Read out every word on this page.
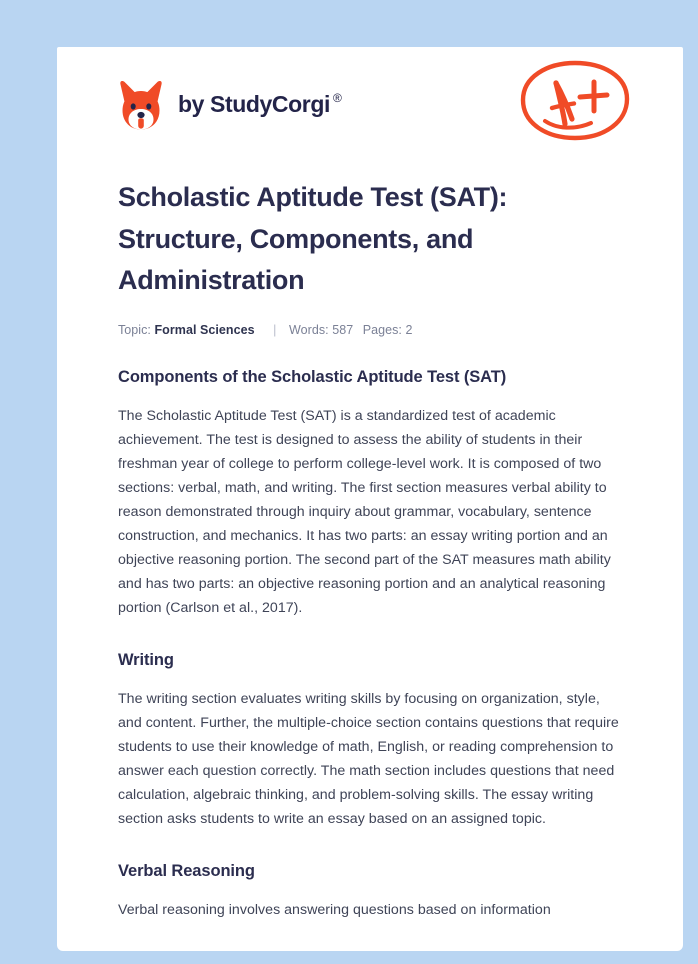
by StudyCorgi ®
Scholastic Aptitude Test (SAT): Structure, Components, and Administration
Topic: Formal Sciences | Words: 587 Pages: 2
Components of the Scholastic Aptitude Test (SAT)

The Scholastic Aptitude Test (SAT) is a standardized test of academic achievement. The test is designed to assess the ability of students in their freshman year of college to perform college-level work. It is composed of two sections: verbal, math, and writing. The first section measures verbal ability to reason demonstrated through inquiry about grammar, vocabulary, sentence construction, and mechanics. It has two parts: an essay writing portion and an objective reasoning portion. The second part of the SAT measures math ability and has two parts: an objective reasoning portion and an analytical reasoning portion (Carlson et al., 2017).

Writing

The writing section evaluates writing skills by focusing on organization, style, and content. Further, the multiple-choice section contains questions that require students to use their knowledge of math, English, or reading comprehension to answer each question correctly. The math section includes questions that need calculation, algebraic thinking, and problem-solving skills. The essay writing section asks students to write an essay based on an assigned topic.

Verbal Reasoning

Verbal reasoning involves answering questions based on information
